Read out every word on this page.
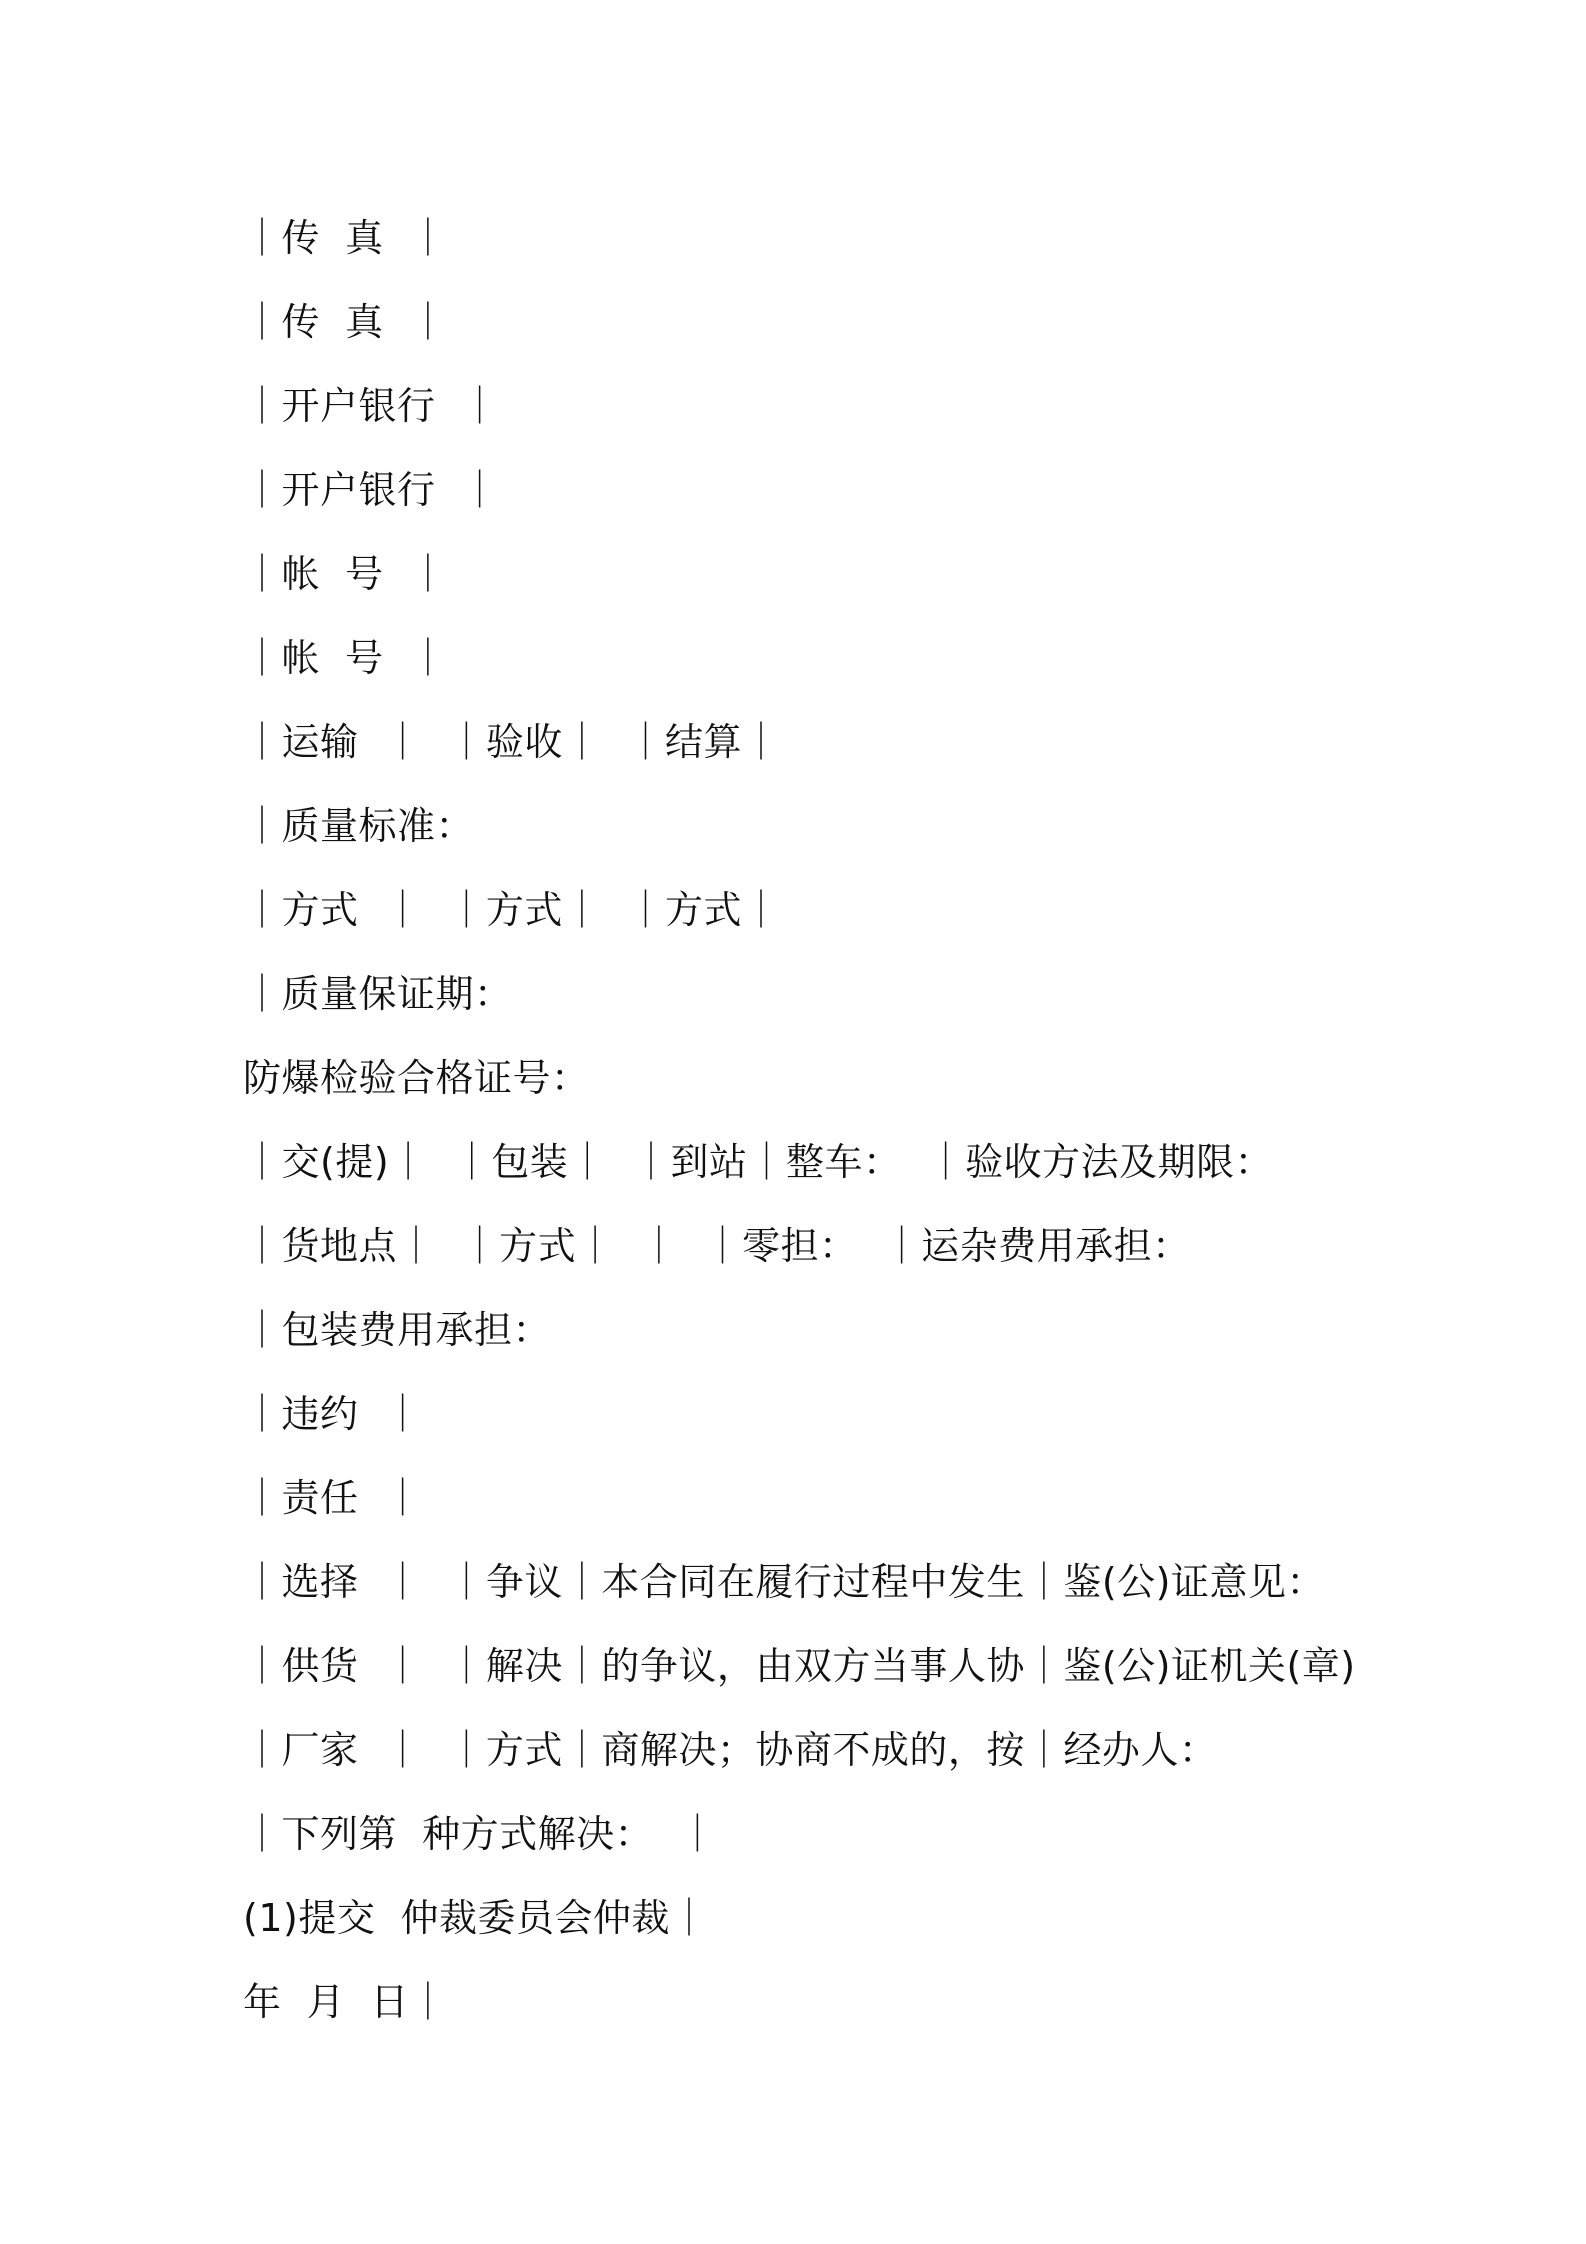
｜传  真  ｜
｜传  真  ｜
｜开户银行  ｜
｜开户银行  ｜
｜帐  号  ｜
｜帐  号  ｜
｜运输  ｜  ｜验收｜  ｜结算｜
｜质量标准：
｜方式  ｜  ｜方式｜  ｜方式｜
｜质量保证期：
防爆检验合格证号：
｜交(提)｜  ｜包装｜  ｜到站｜整车：  ｜验收方法及期限：
｜货地点｜  ｜方式｜  ｜  ｜零担：  ｜运杂费用承担：
｜包装费用承担：
｜违约  ｜
｜责任  ｜
｜选择  ｜  ｜争议｜本合同在履行过程中发生｜鉴(公)证意见：
｜供货  ｜  ｜解决｜的争议，由双方当事人协｜鉴(公)证机关(章)
｜厂家  ｜  ｜方式｜商解决；协商不成的，按｜经办人：
｜下列第  种方式解决：  ｜
(1)提交  仲裁委员会仲裁｜
年  月  日｜
